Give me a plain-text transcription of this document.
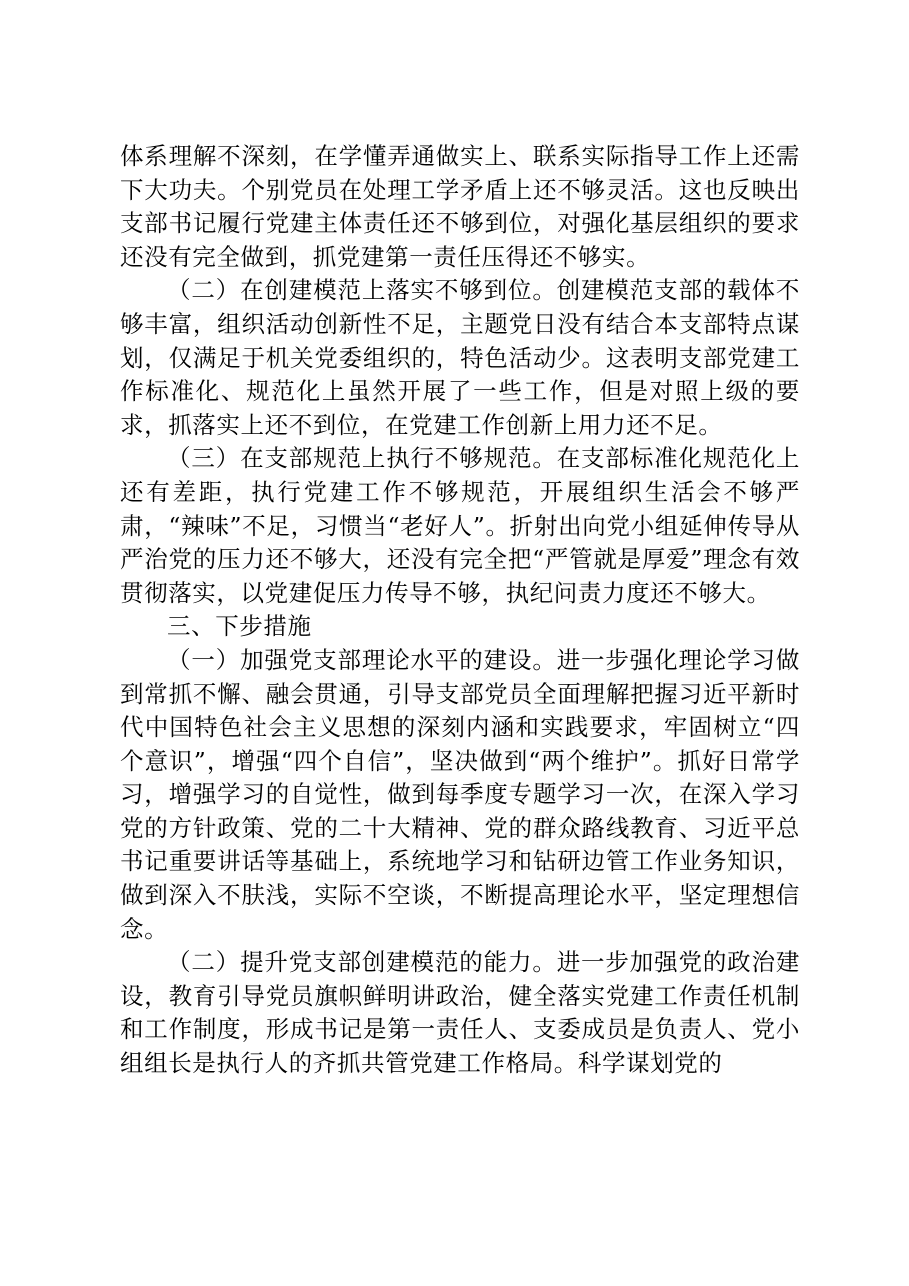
体系理解不深刻，在学懂弄通做实上、联系实际指导工作上还需下大功夫。个别党员在处理工学矛盾上还不够灵活。这也反映出支部书记履行党建主体责任还不够到位，对强化基层组织的要求还没有完全做到，抓党建第一责任压得还不够实。

（二）在创建模范上落实不够到位。创建模范支部的载体不够丰富，组织活动创新性不足，主题党日没有结合本支部特点谋划，仅满足于机关党委组织的，特色活动少。这表明支部党建工作标准化、规范化上虽然开展了一些工作，但是对照上级的要求，抓落实上还不到位，在党建工作创新上用力还不足。

（三）在支部规范上执行不够规范。在支部标准化规范化上还有差距，执行党建工作不够规范，开展组织生活会不够严肃，“辣味”不足，习惯当“老好人”。折射出向党小组延伸传导从严治党的压力还不够大，还没有完全把“严管就是厚爱”理念有效贯彻落实，以党建促压力传导不够，执纪问责力度还不够大。

三、下步措施

（一）加强党支部理论水平的建设。进一步强化理论学习做到常抓不懈、融会贯通，引导支部党员全面理解把握习近平新时代中国特色社会主义思想的深刻内涵和实践要求，牢固树立“四个意识”，增强“四个自信”，坚决做到“两个维护”。抓好日常学习，增强学习的自觉性，做到每季度专题学习一次，在深入学习党的方针政策、党的二十大精神、党的群众路线教育、习近平总书记重要讲话等基础上，系统地学习和钻研边管工作业务知识，做到深入不肤浅，实际不空谈，不断提高理论水平，坚定理想信念。

（二）提升党支部创建模范的能力。进一步加强党的政治建设，教育引导党员旗帜鲜明讲政治，健全落实党建工作责任机制和工作制度，形成书记是第一责任人、支委成员是负责人、党小组组长是执行人的齐抓共管党建工作格局。科学谋划党的
